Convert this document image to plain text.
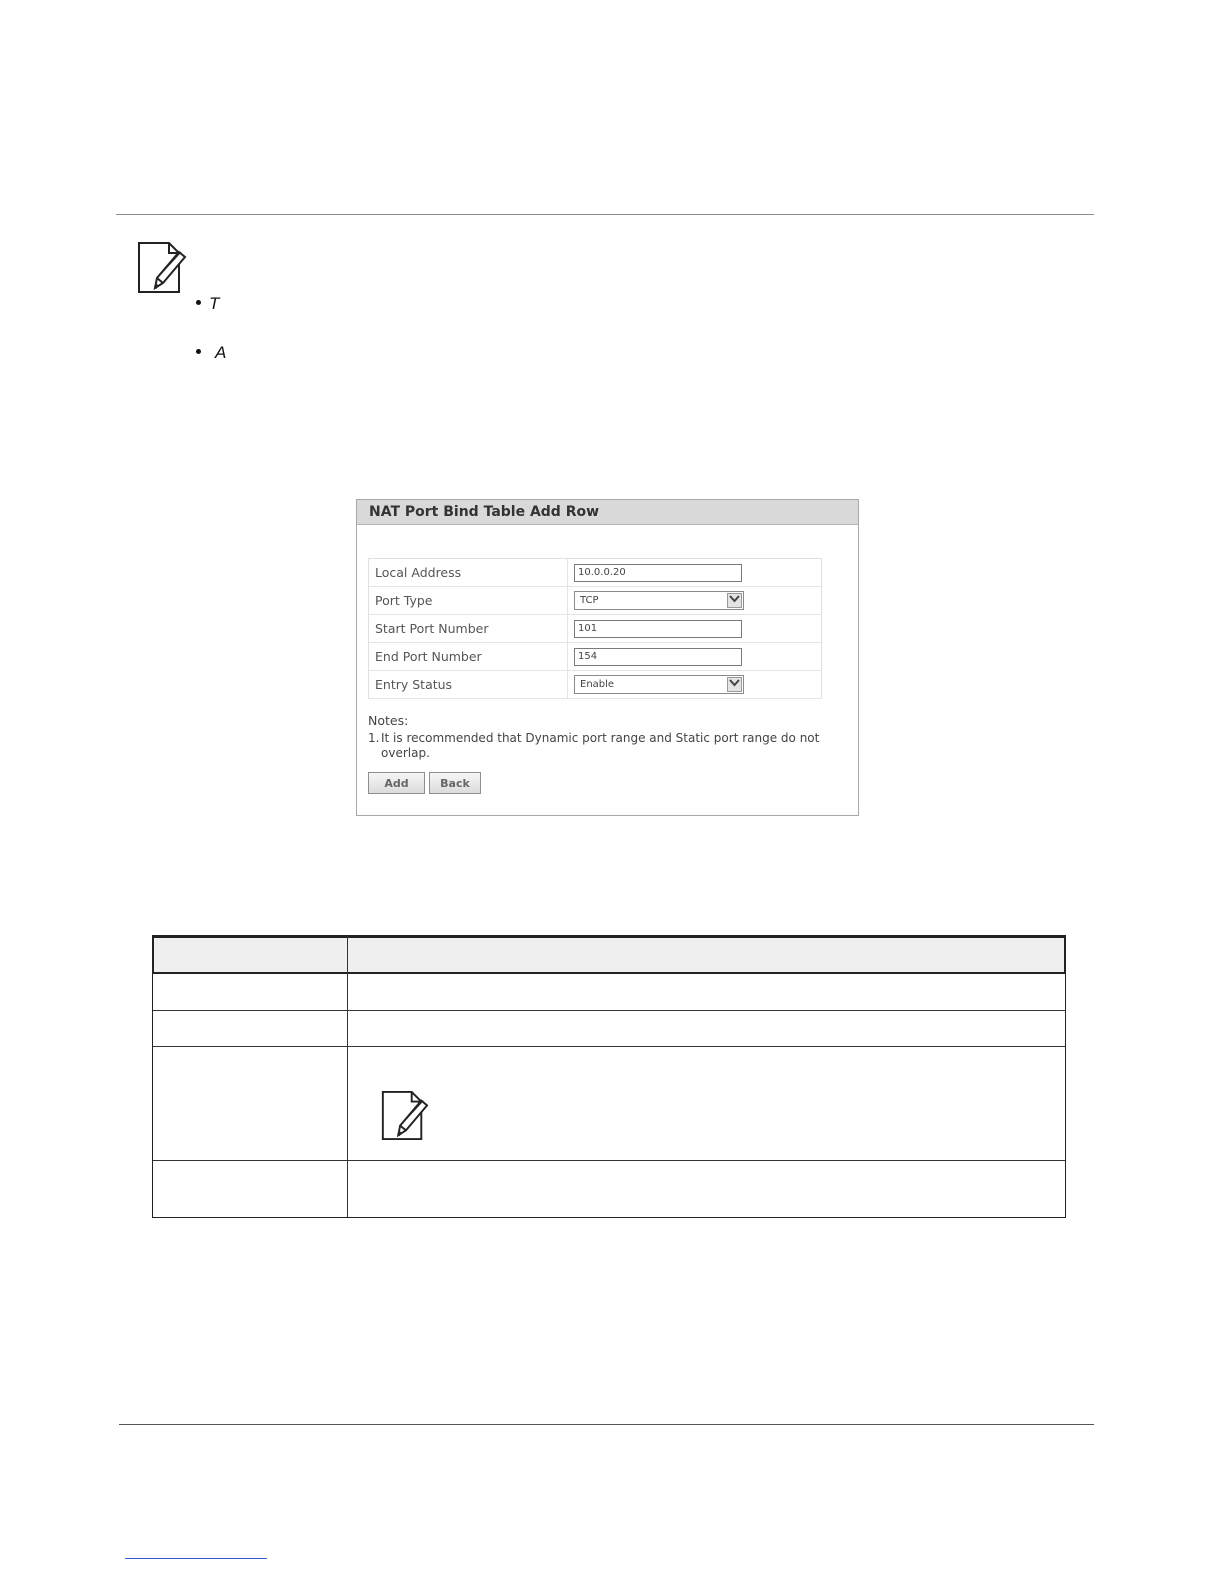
T
A
NAT Port Bind Table Add Row
Local Address	10.0.0.20

Port Type	TCP

Start Port Number	101

End Port Number	154

Entry Status	Enable
Notes:
1. It is recommended that Dynamic port range and Static port range do not
overlap.
Add	Back
